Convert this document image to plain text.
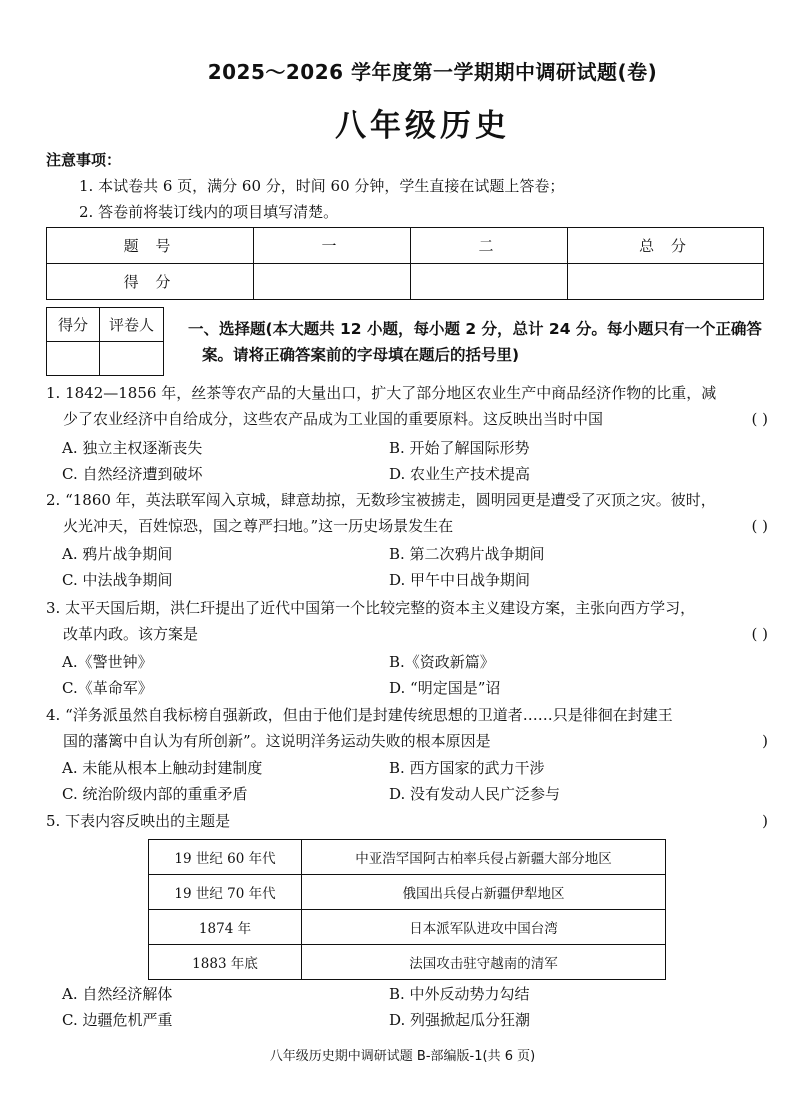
2025～2026 学年度第一学期期中调研试题(卷)
八年级历史
注意事项：
1. 本试卷共 6 页，满分 60 分，时间 60 分钟，学生直接在试题上答卷；
2. 答卷前将装订线内的项目填写清楚。
题 号	一	二	总 分
得 分			
得分	评卷人
	一、选择题(本大题共 12 小题，每小题 2 分，总计 24 分。每小题只有一个正确答
案。请将正确答案前的字母填在题后的括号里)
1. 1842—1856 年，丝茶等农产品的大量出口，扩大了部分地区农业生产中商品经济作物的比重，减
少了农业经济中自给成分，这些农产品成为工业国的重要原料。这反映出当时中国	( )
A. 独立主权逐渐丧失	B. 开始了解国际形势
C. 自然经济遭到破坏	D. 农业生产技术提高
2. “1860 年，英法联军闯入京城，肆意劫掠，无数珍宝被掳走，圆明园更是遭受了灭顶之灾。彼时，
火光冲天，百姓惊恐，国之尊严扫地。”这一历史场景发生在	( )
A. 鸦片战争期间	B. 第二次鸦片战争期间
C. 中法战争期间	D. 甲午中日战争期间
3. 太平天国后期，洪仁玕提出了近代中国第一个比较完整的资本主义建设方案，主张向西方学习，
改革内政。该方案是	( )
A.《警世钟》	B.《资政新篇》
C.《革命军》	D. “明定国是”诏
4. “洋务派虽然自我标榜自强新政，但由于他们是封建传统思想的卫道者……只是徘徊在封建王
国的藩篱中自认为有所创新”。这说明洋务运动失败的根本原因是	)
A. 未能从根本上触动封建制度	B. 西方国家的武力干涉
C. 统治阶级内部的重重矛盾	D. 没有发动人民广泛参与
5. 下表内容反映出的主题是	)
19 世纪 60 年代	中亚浩罕国阿古柏率兵侵占新疆大部分地区
19 世纪 70 年代	俄国出兵侵占新疆伊犁地区
1874 年	日本派军队进攻中国台湾
1883 年底	法国攻击驻守越南的清军
A. 自然经济解体	B. 中外反动势力勾结
C. 边疆危机严重	D. 列强掀起瓜分狂潮
八年级历史期中调研试题 B-部编版-1(共 6 页)
